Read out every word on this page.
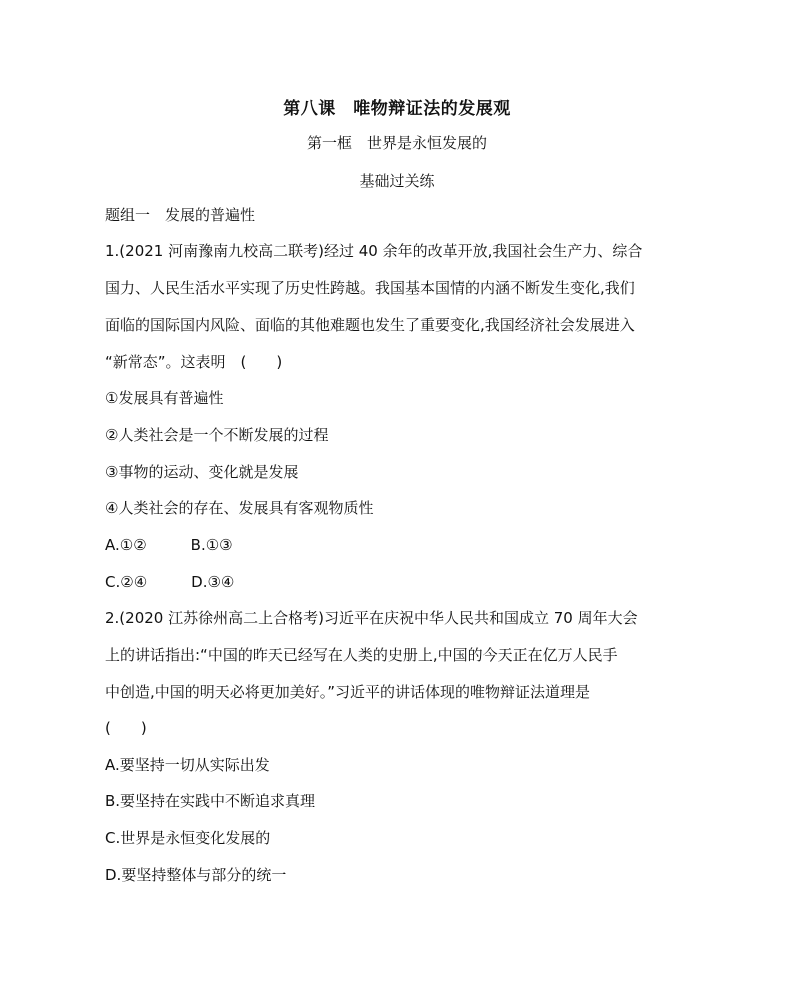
第八课　唯物辩证法的发展观
第一框　世界是永恒发展的
基础过关练
题组一　发展的普遍性
1.(2021 河南豫南九校高二联考)经过 40 余年的改革开放,我国社会生产力、综合
国力、人民生活水平实现了历史性跨越。我国基本国情的内涵不断发生变化,我们
面临的国际国内风险、面临的其他难题也发生了重要变化,我国经济社会发展进入
“新常态”。这表明　(　　)
①发展具有普遍性
②人类社会是一个不断发展的过程
③事物的运动、变化就是发展
④人类社会的存在、发展具有客观物质性
A.①②	B.①③
C.②④	D.③④
2.(2020 江苏徐州高二上合格考)习近平在庆祝中华人民共和国成立 70 周年大会
上的讲话指出:“中国的昨天已经写在人类的史册上,中国的今天正在亿万人民手
中创造,中国的明天必将更加美好。”习近平的讲话体现的唯物辩证法道理是
(　　)
A.要坚持一切从实际出发
B.要坚持在实践中不断追求真理
C.世界是永恒变化发展的
D.要坚持整体与部分的统一
